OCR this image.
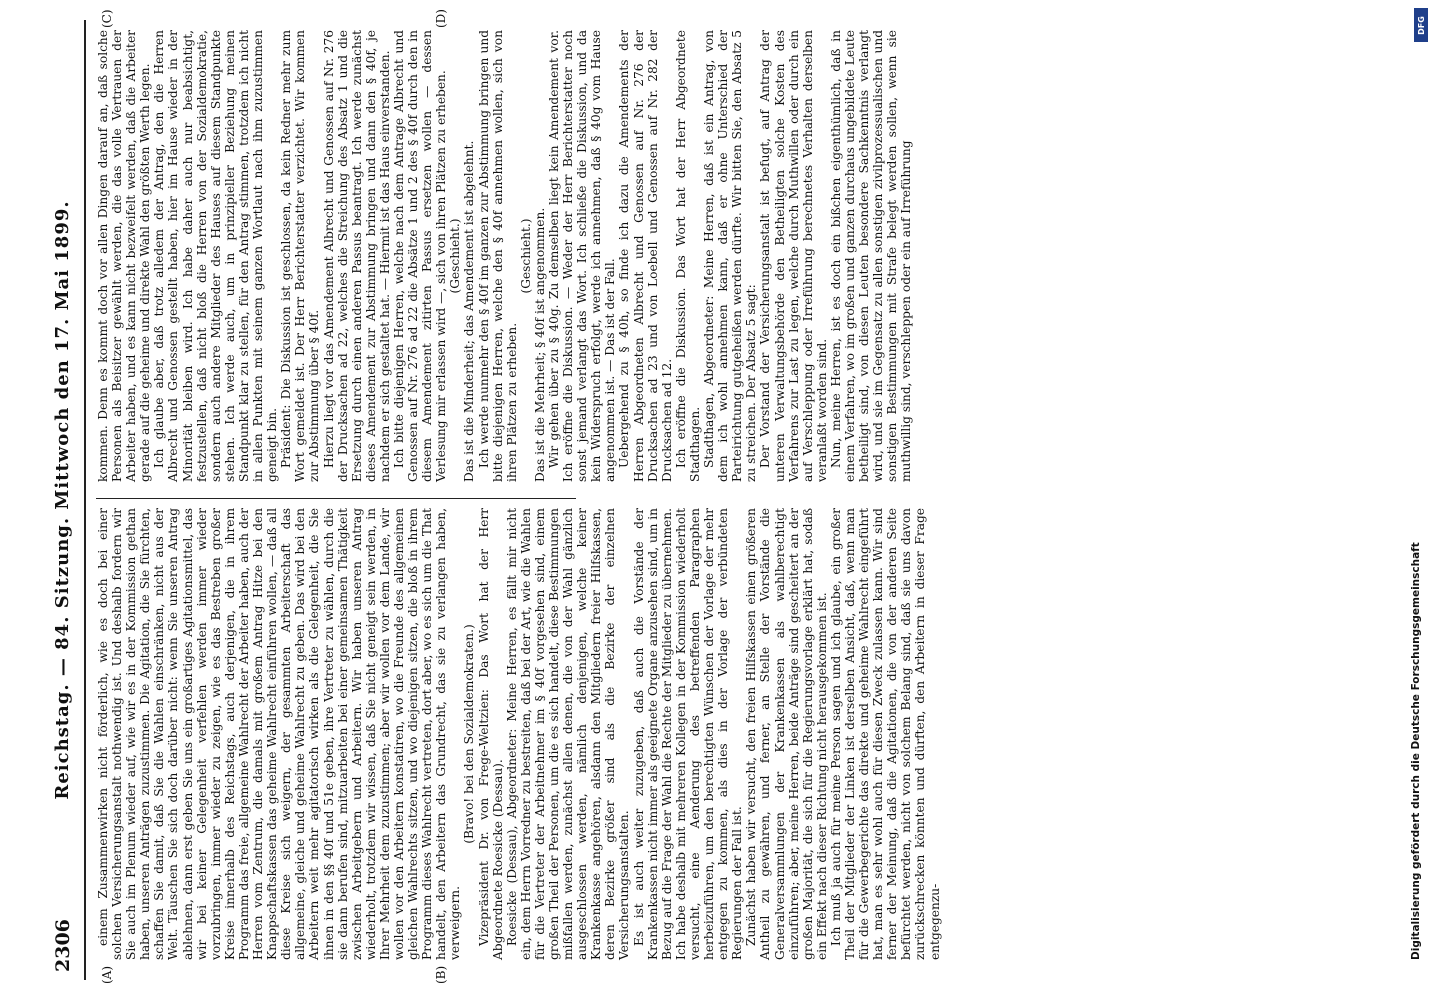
2306
Reichstag. — 84. Sitzung. Mittwoch den 17. Mai 1899.
(A)	(B)
(C)	(D)

einem Zusammenwirken nicht förderlich, wie es doch bei einer solchen Versicherungsanstalt nothwendig ist. Und deshalb fordern wir Sie auch im Plenum wieder auf, wie wir es in der Kommission gethan haben, unseren Anträgen zuzustimmen. Die Agitation, die Sie fürchten, schaffen Sie damit, daß Sie die Wahlen einschränken, nicht aus der Welt. Täuschen Sie sich doch darüber nicht: wenn Sie unseren Antrag ablehnen, dann erst geben Sie uns ein großartiges Agitationsmittel, das wir bei keiner Gelegenheit verfehlen werden immer wieder vorzubringen, immer wieder zu zeigen, wie es das Bestreben großer Kreise innerhalb des Reichstags, auch derjenigen, die in ihrem Programm das freie, allgemeine Wahlrecht der Arbeiter haben, auch der Herren vom Zentrum, die damals mit großem Antrag Hitze bei den Knappschaftskassen das geheime Wahlrecht einführen wollen, — daß all diese Kreise sich weigern, der gesammten Arbeiterschaft das allgemeine, gleiche und geheime Wahlrecht zu geben. Das wird bei den Arbeitern weit mehr agitatorisch wirken als die Gelegenheit, die Sie ihnen in den §§ 40f und 51e geben, ihre Vertreter zu wählen, durch die sie dann berufen sind, mitzuarbeiten bei einer gemeinsamen Thätigkeit zwischen Arbeitgebern und Arbeitern. Wir haben unseren Antrag wiederholt, trotzdem wir wissen, daß Sie nicht geneigt sein werden, in Ihrer Mehrheit dem zuzustimmen; aber wir wollen vor dem Lande, wir wollen vor den Arbeitern konstatiren, wo die Freunde des allgemeinen gleichen Wahlrechts sitzen, und wo diejenigen sitzen, die bloß in ihrem Programm dieses Wahlrecht vertreten, dort aber, wo es sich um die That handelt, den Arbeitern das Grundrecht, das sie zu verlangen haben, verweigern.

(Bravo! bei den Sozialdemokraten.) Vizepräsident Dr. von Frege-Weltzien: Das Wort hat der Herr Abgeordnete Roesicke (Dessau). Roesicke (Dessau), Abgeordneter: Meine Herren, es fällt mir nicht ein, dem Herrn Vorredner zu bestreiten, daß bei der Art, wie die Wahlen für die Vertreter der Arbeitnehmer im § 40f vorgesehen sind, einem großen Theil der Personen, um die es sich handelt, diese Bestimmungen mißfallen werden, zunächst allen denen, die von der Wahl gänzlich ausgeschlossen werden, nämlich denjenigen, welche keiner Krankenkasse angehören, alsdann den Mitgliedern freier Hilfskassen, deren Bezirke größer sind als die Bezirke der einzelnen Versicherungsanstalten. Es ist auch weiter zuzugeben, daß auch die Vorstände der Krankenkassen nicht immer als geeignete Organe anzusehen sind, um in Bezug auf die Frage der Wahl die Rechte der Mitglieder zu übernehmen. Ich habe deshalb mit mehreren Kollegen in der Kommission wiederholt versucht, eine Aenderung des betreffenden Paragraphen herbeizuführen, um den berechtigten Wünschen der Vorlage der mehr entgegen zu kommen, als dies in der Vorlage der verbündeten Regierungen der Fall ist. Zunächst haben wir versucht, den freien Hilfskassen einen größeren Antheil zu gewähren, und ferner, an Stelle der Vorstände die Generalversammlungen der Krankenkassen als wahlberechtigt einzuführen; aber, meine Herren, beide Anträge sind gescheitert an der großen Majorität, die sich für die Regierungsvorlage erklärt hat, sodaß ein Effekt nach dieser Richtung nicht herausgekommen ist. Ich muß ja auch für meine Person sagen und ich glaube, ein großer Theil der Mitglieder der Linken ist derselben Ansicht, daß, wenn man für die Gewerbegerichte das direkte und geheime Wahlrecht eingeführt hat, man es sehr wohl auch für diesen Zweck zulassen kann. Wir sind ferner der Meinung, daß die Agitationen, die von der anderen Seite befürchtet werden, nicht von solchem Belang sind, daß sie uns davon zurückschrecken könnten und dürften, den Arbeitern in dieser Frage entgegenzu-

kommen. Denn es kommt doch vor allen Dingen darauf an, daß solche Personen als Beisitzer gewählt werden, die das volle Vertrauen der Arbeiter haben, und es kann nicht bezweifelt werden, daß die Arbeiter gerade auf die geheime und direkte Wahl den größten Werth legen. Ich glaube aber, daß trotz alledem der Antrag, den die Herren Albrecht und Genossen gestellt haben, hier im Hause wieder in der Minorität bleiben wird. Ich habe daher auch nur beabsichtigt, festzustellen, daß nicht bloß die Herren von der Sozialdemokratie, sondern auch andere Mitglieder des Hauses auf diesem Standpunkte stehen. Ich werde auch, um in prinzipieller Beziehung meinen Standpunkt klar zu stellen, für den Antrag stimmen, trotzdem ich nicht in allen Punkten mit seinem ganzen Wortlaut nach ihm zuzustimmen geneigt bin. Präsident: Die Diskussion ist geschlossen, da kein Redner mehr zum Wort gemeldet ist. Der Herr Berichterstatter verzichtet. Wir kommen zur Abstimmung über § 40f. Hierzu liegt vor das Amendement Albrecht und Genossen auf Nr. 276 der Drucksachen ad 22, welches die Streichung des Absatz 1 und die Ersetzung durch einen anderen Passus beantragt. Ich werde zunächst dieses Amendement zur Abstimmung bringen und dann den § 40f, je nachdem er sich gestaltet hat. — Hiermit ist das Haus einverstanden. Ich bitte diejenigen Herren, welche nach dem Antrage Albrecht und Genossen auf Nr. 276 ad 22 die Absätze 1 und 2 des § 40f durch den in diesem Amendement zitirten Passus ersetzen wollen — dessen Verlesung mir erlassen wird —, sich von ihren Plätzen zu erheben. (Geschieht.) Das ist die Minderheit; das Amendement ist abgelehnt. Ich werde nunmehr den § 40f im ganzen zur Abstimmung bringen und bitte diejenigen Herren, welche den § 40f annehmen wollen, sich von ihren Plätzen zu erheben.

(Geschieht.) Das ist die Mehrheit; § 40f ist angenommen. Wir gehen über zu § 40g. Zu demselben liegt kein Amendement vor. Ich eröffne die Diskussion. — Weder der Herr Berichterstatter noch sonst jemand verlangt das Wort. Ich schließe die Diskussion, und da kein Widerspruch erfolgt, werde ich annehmen, daß § 40g vom Hause angenommen ist. — Das ist der Fall. Uebergehend zu § 40h, so finde ich dazu die Amendements der Herren Abgeordneten Albrecht und Genossen auf Nr. 276 der Drucksachen ad 23 und von Loebell und Genossen auf Nr. 282 der Drucksachen ad 12. Ich eröffne die Diskussion. Das Wort hat der Herr Abgeordnete Stadthagen. Stadthagen, Abgeordneter: Meine Herren, daß ist ein Antrag, von dem ich wohl annehmen kann, daß er ohne Unterschied der Parteirichtung gutgeheißen werden dürfte. Wir bitten Sie, den Absatz 5 zu streichen. Der Absatz 5 sagt: Der Vorstand der Versicherungsanstalt ist befugt, auf Antrag der unteren Verwaltungsbehörde den Betheiligten solche Kosten des Verfahrens zur Last zu legen, welche durch Muthwillen oder durch ein auf Verschleppung oder Irreführung berechnetes Verhalten derselben veranlaßt worden sind. Nun, meine Herren, ist es doch ein bißchen eigenthümlich, daß in einem Verfahren, wo im großen und ganzen durchaus ungebildete Leute betheiligt sind, von diesen Leuten besondere Sachkenntnis verlangt wird, und sie im Gegensatz zu allen sonstigen zivilprozessualischen und sonstigen Bestimmungen mit Strafe belegt werden sollen, wenn sie muthwillig sind, verschleppen oder ein auf Irreführung

DFG
Digitalisierung gefördert durch die Deutsche Forschungsgemeinschaft
